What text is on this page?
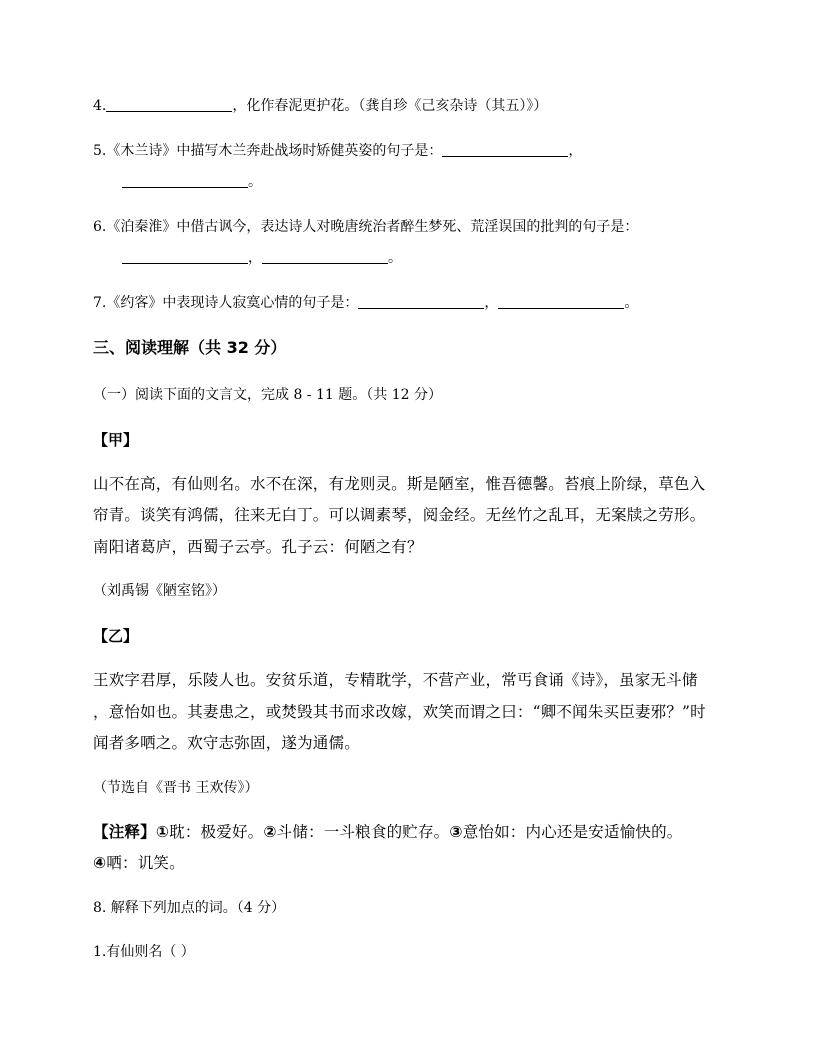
4.	，化作春泥更护花。（龚自珍《己亥杂诗（其五）》）
5.《木兰诗》中描写木兰奔赴战场时矫健英姿的句子是：	，
。
6.《泊秦淮》中借古讽今，表达诗人对晚唐统治者醉生梦死、荒淫误国的批判的句子是：
，	。
7.《约客》中表现诗人寂寞心情的句子是：	，	。
三、阅读理解（共 32 分）
（一）阅读下面的文言文，完成 8 - 11 题。（共 12 分）
【甲】
山不在高，有仙则名。水不在深，有龙则灵。斯是陋室，惟吾德馨。苔痕上阶绿，草色入
帘青。谈笑有鸿儒，往来无白丁。可以调素琴，阅金经。无丝竹之乱耳，无案牍之劳形。
南阳诸葛庐，西蜀子云亭。孔子云：何陋之有？
（刘禹锡《陋室铭》）
【乙】
王欢字君厚，乐陵人也。安贫乐道，专精耽学，不营产业，常丐食诵《诗》，虽家无斗储
，意怡如也。其妻患之，或焚毁其书而求改嫁，欢笑而谓之曰：“卿不闻朱买臣妻邪？”时
闻者多哂之。欢守志弥固，遂为通儒。
（节选自《晋书 王欢传》）
【注释】①耽：极爱好。②斗储：一斗粮食的贮存。③意怡如：内心还是安适愉快的。
④哂：讥笑。
8. 解释下列加点的词。（4 分）
1.有仙则名（ ）
